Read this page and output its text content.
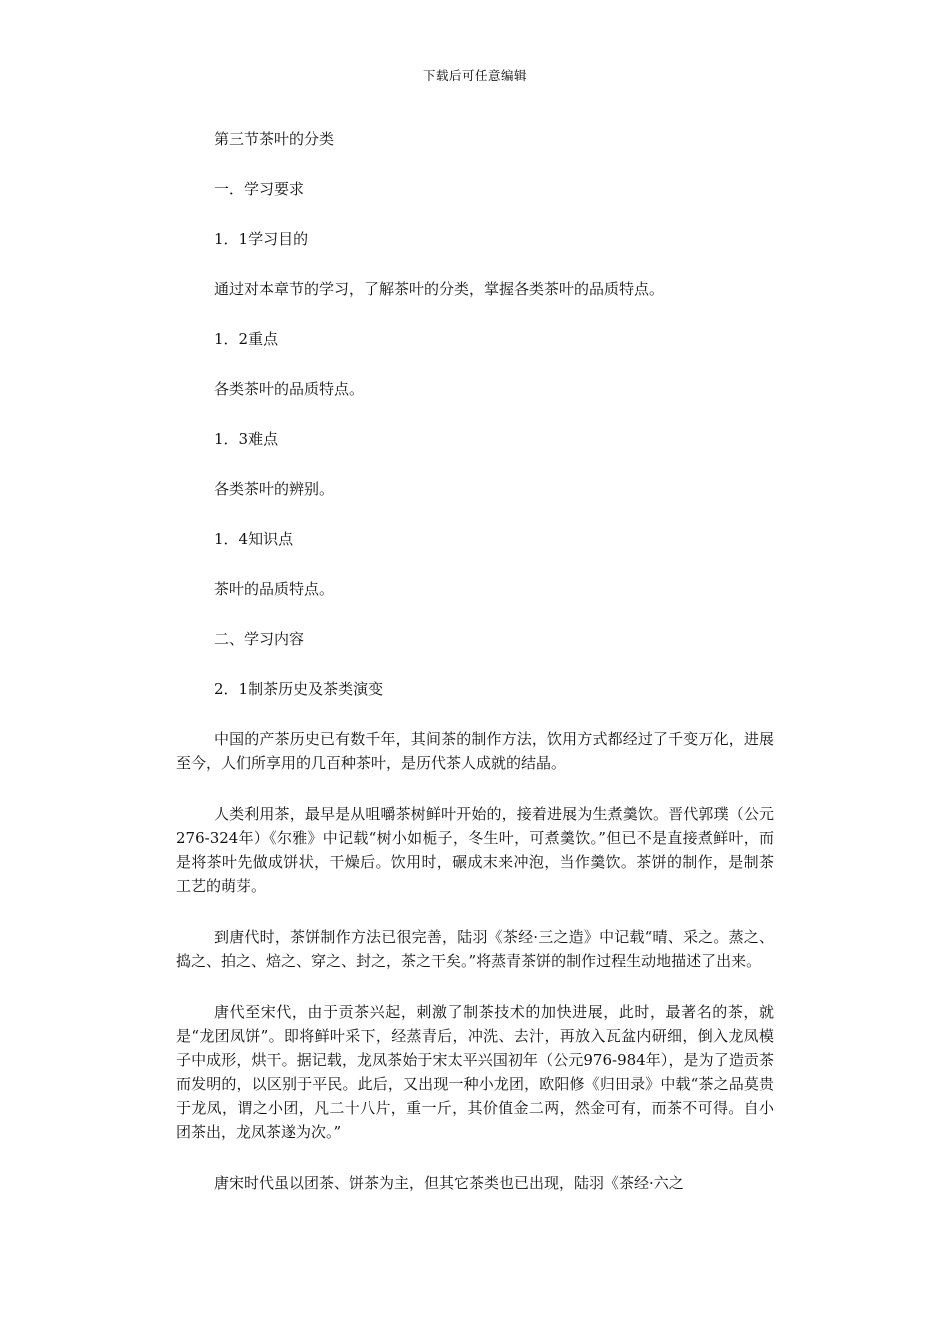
下载后可任意编辑

第三节茶叶的分类

一．学习要求

1．1学习目的

通过对本章节的学习，了解茶叶的分类，掌握各类茶叶的品质特点。

1．2重点

各类茶叶的品质特点。

1．3难点

各类茶叶的辨别。

1．4知识点

茶叶的品质特点。

二、学习内容

2．1制茶历史及茶类演变

中国的产茶历史已有数千年，其间茶的制作方法，饮用方式都经过了千变万化，进展至今，人们所享用的几百种茶叶，是历代茶人成就的结晶。

人类利用茶，最早是从咀嚼茶树鲜叶开始的，接着进展为生煮羹饮。晋代郭璞（公元276-324年）《尔雅》中记载“树小如栀子，冬生叶，可煮羹饮。”但已不是直接煮鲜叶，而是将茶叶先做成饼状，干燥后。饮用时，碾成末来冲泡，当作羹饮。茶饼的制作，是制茶工艺的萌芽。

到唐代时，茶饼制作方法已很完善，陆羽《茶经·三之造》中记载“晴、采之。蒸之、捣之、拍之、焙之、穿之、封之，茶之干矣。”将蒸青茶饼的制作过程生动地描述了出来。

唐代至宋代，由于贡茶兴起，刺激了制茶技术的加快进展，此时，最著名的茶，就是“龙团凤饼”。即将鲜叶采下，经蒸青后，冲洗、去汁，再放入瓦盆内研细，倒入龙凤模子中成形，烘干。据记载，龙凤茶始于宋太平兴国初年（公元976-984年），是为了造贡茶而发明的，以区别于平民。此后，又出现一种小龙团，欧阳修《归田录》中载“茶之品莫贵于龙凤，谓之小团，凡二十八片，重一斤，其价值金二两，然金可有，而茶不可得。自小团茶出，龙凤茶遂为次。”

唐宋时代虽以团茶、饼茶为主，但其它茶类也已出现，陆羽《茶经·六之
